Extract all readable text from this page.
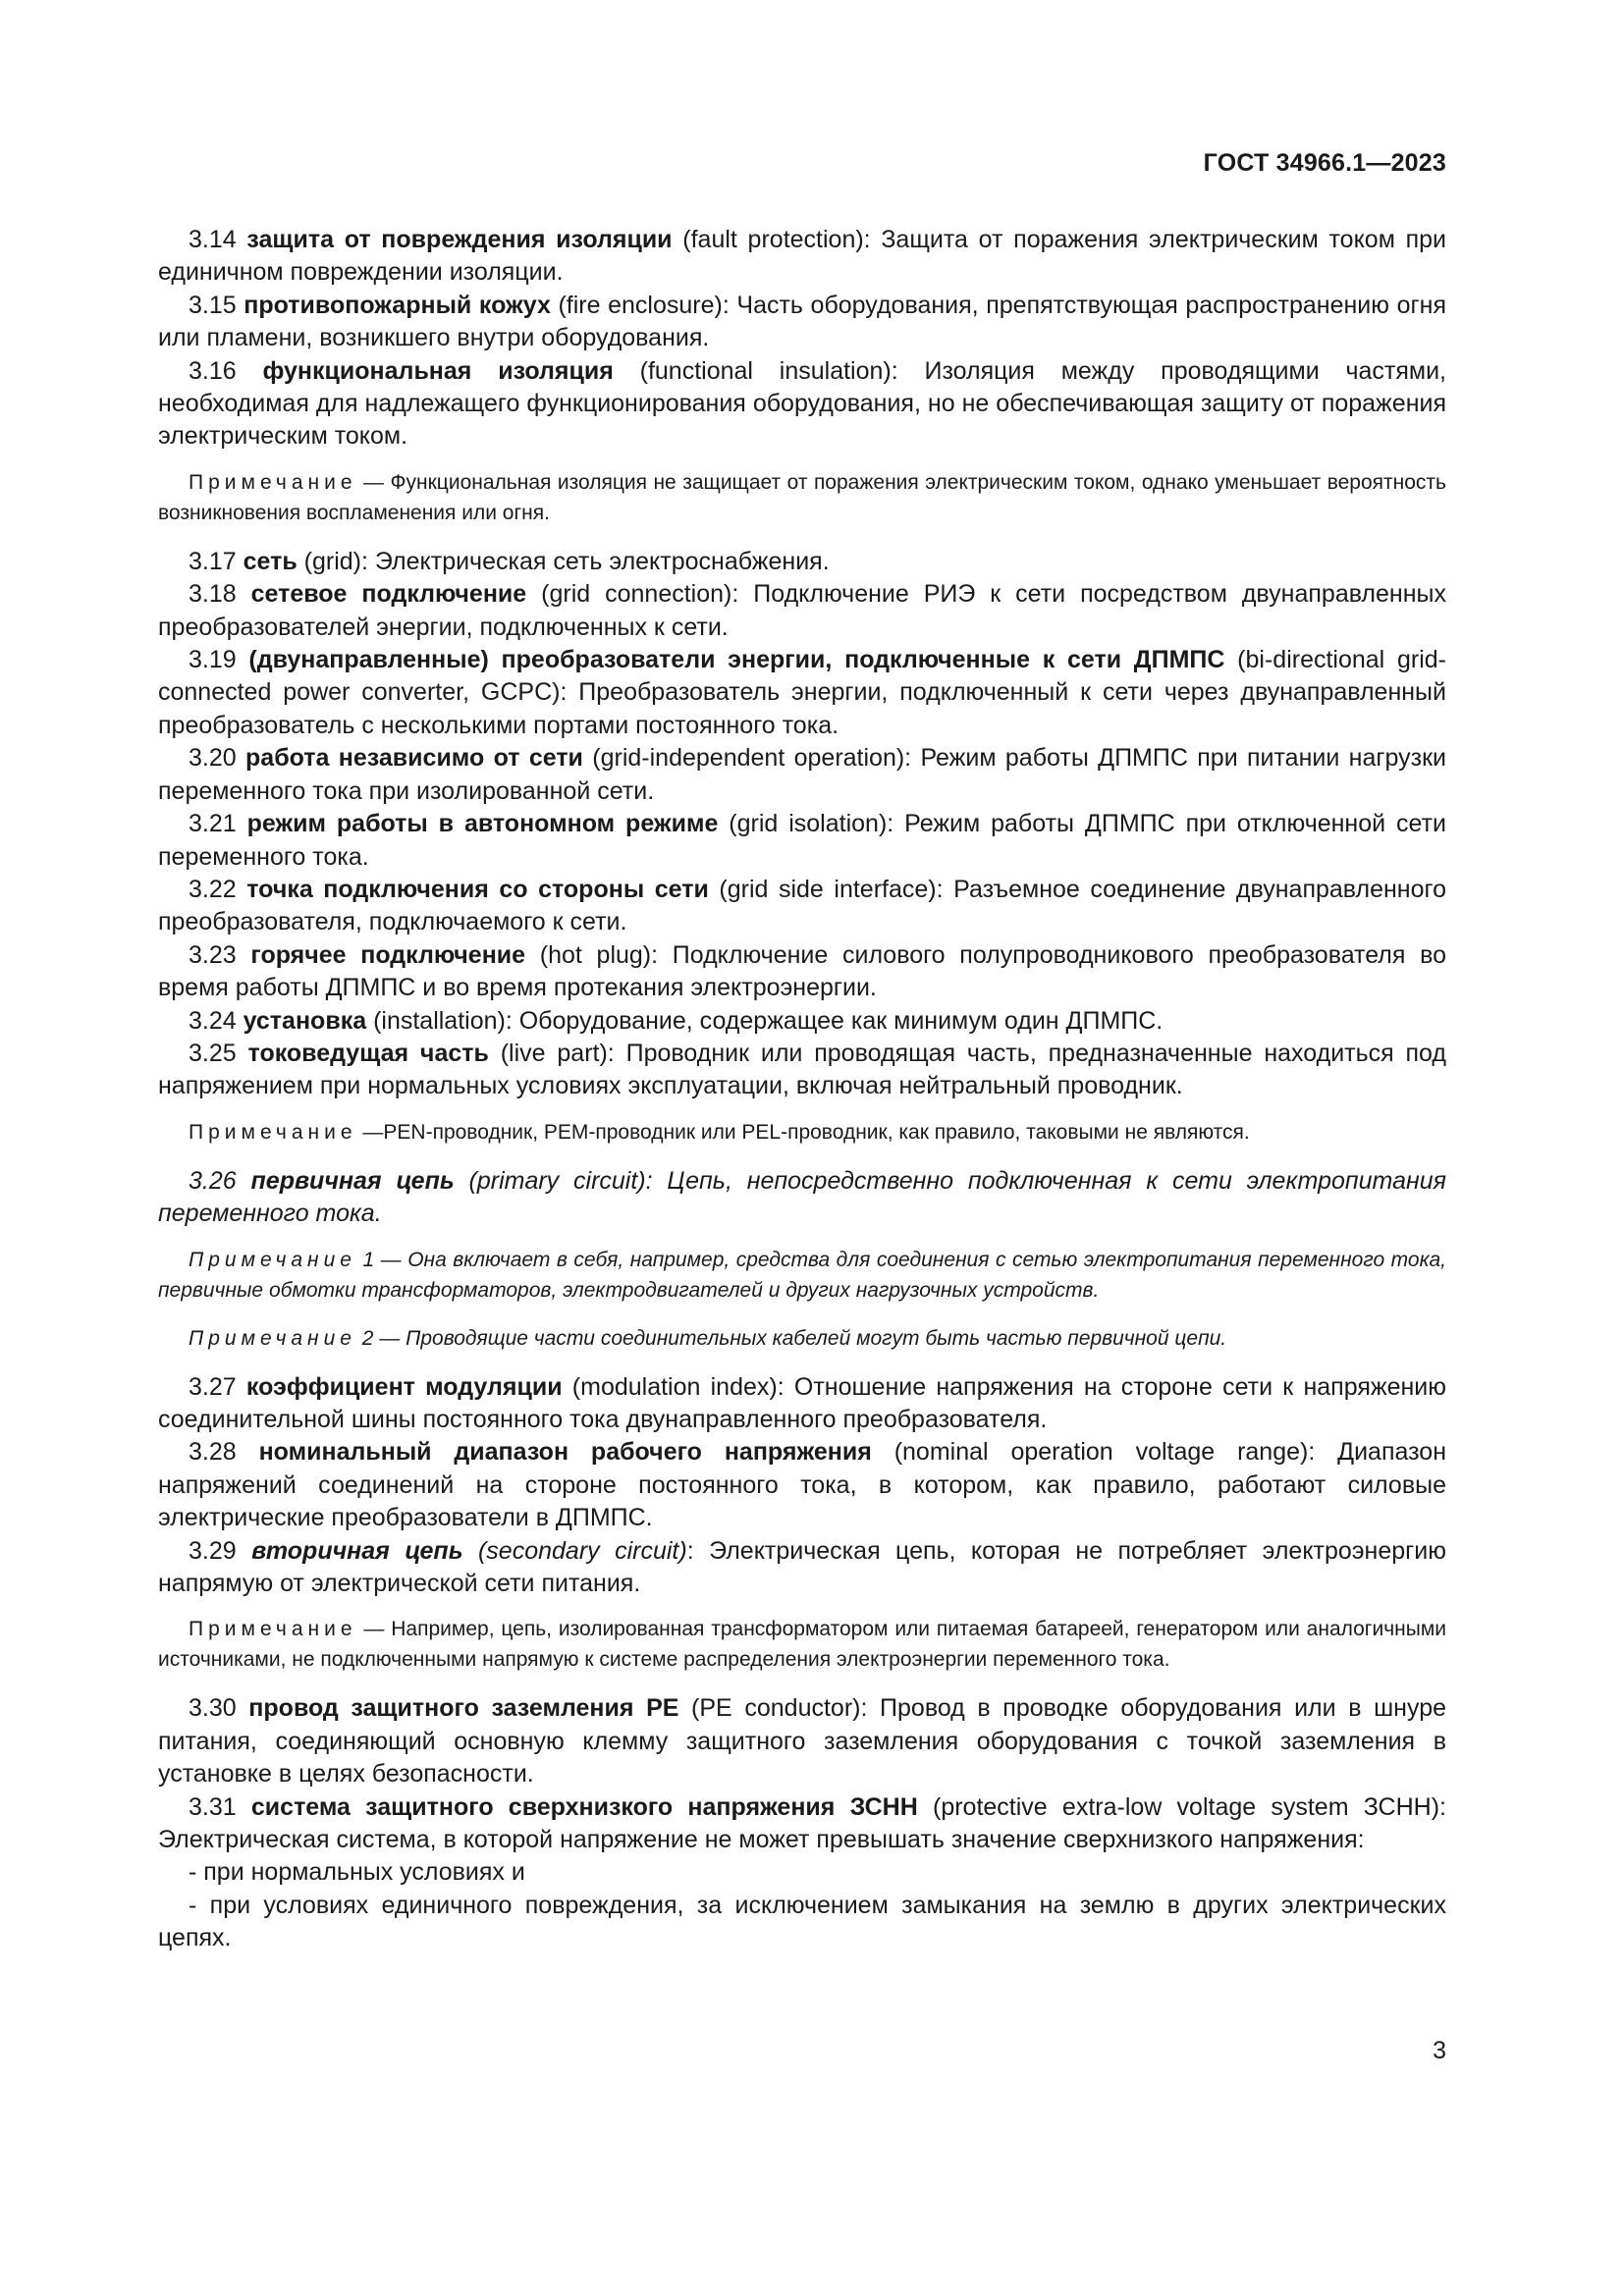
ГОСТ 34966.1—2023

3.14 защита от повреждения изоляции (fault protection): Защита от поражения электрическим током при единичном повреждении изоляции.

3.15 противопожарный кожух (fire enclosure): Часть оборудования, препятствующая распространению огня или пламени, возникшего внутри оборудования.

3.16 функциональная изоляция (functional insulation): Изоляция между проводящими частями, необходимая для надлежащего функционирования оборудования, но не обеспечивающая защиту от поражения электрическим током.

Примечание — Функциональная изоляция не защищает от поражения электрическим током, однако уменьшает вероятность возникновения воспламенения или огня.

3.17 сеть (grid): Электрическая сеть электроснабжения.

3.18 сетевое подключение (grid connection): Подключение РИЭ к сети посредством двунаправленных преобразователей энергии, подключенных к сети.

3.19 (двунаправленные) преобразователи энергии, подключенные к сети ДПМПС (bi-directional grid-connected power converter, GCPC): Преобразователь энергии, подключенный к сети через двунаправленный преобразователь с несколькими портами постоянного тока.

3.20 работа независимо от сети (grid-independent operation): Режим работы ДПМПС при питании нагрузки переменного тока при изолированной сети.

3.21 режим работы в автономном режиме (grid isolation): Режим работы ДПМПС при отключенной сети переменного тока.

3.22 точка подключения со стороны сети (grid side interface): Разъемное соединение двунаправленного преобразователя, подключаемого к сети.

3.23 горячее подключение (hot plug): Подключение силового полупроводникового преобразователя во время работы ДПМПС и во время протекания электроэнергии.

3.24 установка (installation): Оборудование, содержащее как минимум один ДПМПС.

3.25 токоведущая часть (live part): Проводник или проводящая часть, предназначенные находиться под напряжением при нормальных условиях эксплуатации, включая нейтральный проводник.

Примечание —PEN-проводник, PEM-проводник или PEL-проводник, как правило, таковыми не являются.

3.26 первичная цепь (primary circuit): Цепь, непосредственно подключенная к сети электропитания переменного тока.

Примечание 1 — Она включает в себя, например, средства для соединения с сетью электропитания переменного тока, первичные обмотки трансформаторов, электродвигателей и других нагрузочных устройств.

Примечание 2 — Проводящие части соединительных кабелей могут быть частью первичной цепи.

3.27 коэффициент модуляции (modulation index): Отношение напряжения на стороне сети к напряжению соединительной шины постоянного тока двунаправленного преобразователя.

3.28 номинальный диапазон рабочего напряжения (nominal operation voltage range): Диапазон напряжений соединений на стороне постоянного тока, в котором, как правило, работают силовые электрические преобразователи в ДПМПС.

3.29 вторичная цепь (secondary circuit): Электрическая цепь, которая не потребляет электроэнергию напрямую от электрической сети питания.

Примечание — Например, цепь, изолированная трансформатором или питаемая батареей, генератором или аналогичными источниками, не подключенными напрямую к системе распределения электроэнергии переменного тока.

3.30 провод защитного заземления PE (PE conductor): Провод в проводке оборудования или в шнуре питания, соединяющий основную клемму защитного заземления оборудования с точкой заземления в установке в целях безопасности.

3.31 система защитного сверхнизкого напряжения ЗСНН (protective extra-low voltage system ЗСНН): Электрическая система, в которой напряжение не может превышать значение сверхнизкого напряжения:

- при нормальных условиях и

- при условиях единичного повреждения, за исключением замыкания на землю в других электрических цепях.

3
